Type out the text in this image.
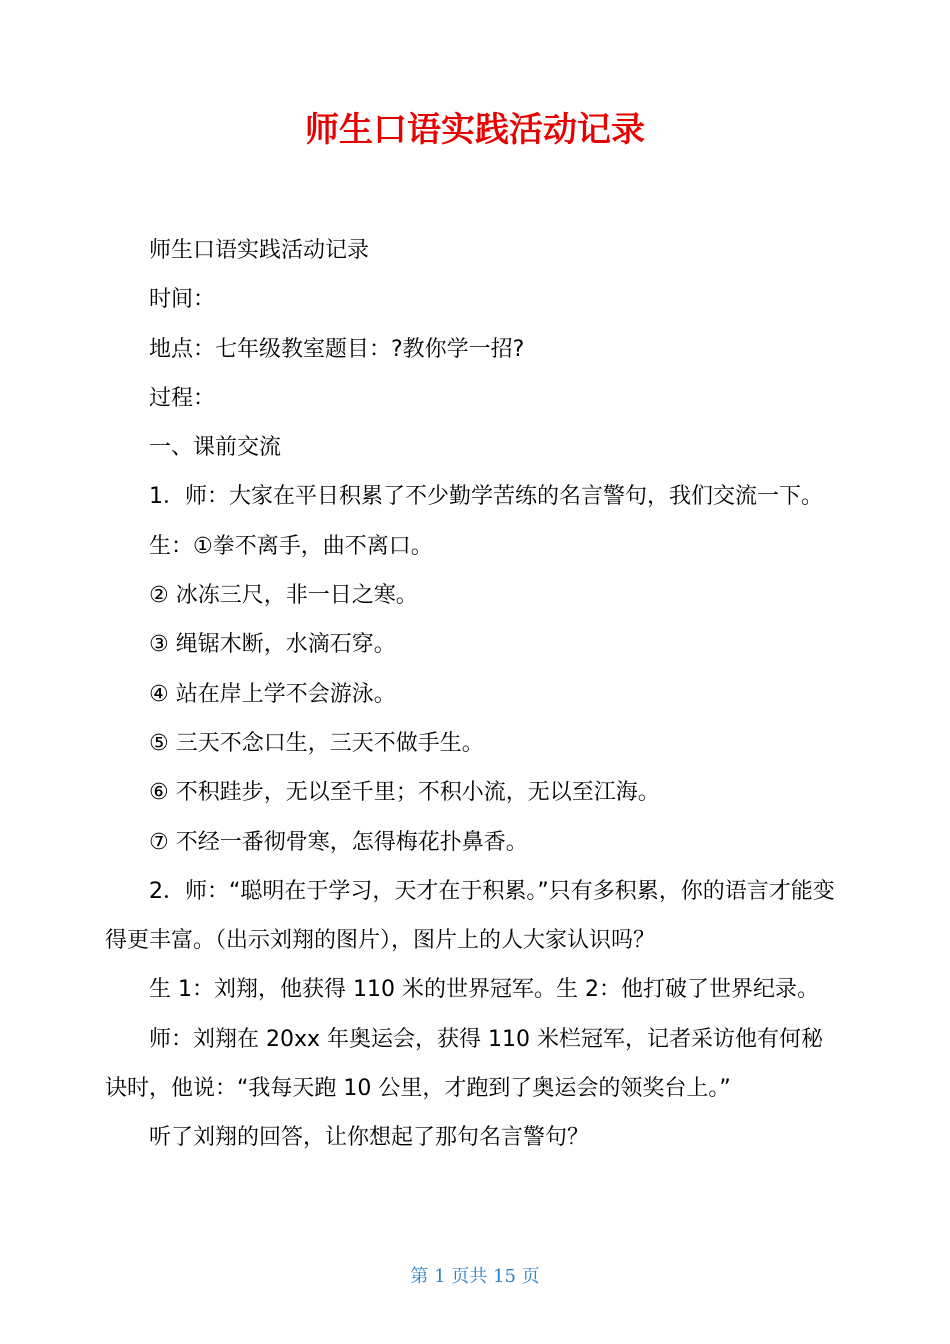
师生口语实践活动记录

师生口语实践活动记录

时间：

地点：七年级教室题目：?教你学一招?

过程：

一、课前交流

1．师：大家在平日积累了不少勤学苦练的名言警句，我们交流一下。

生：①拳不离手，曲不离口。

② 冰冻三尺，非一日之寒。

③ 绳锯木断，水滴石穿。

④ 站在岸上学不会游泳。

⑤ 三天不念口生，三天不做手生。

⑥ 不积跬步，无以至千里；不积小流，无以至江海。

⑦ 不经一番彻骨寒，怎得梅花扑鼻香。

2．师：“聪明在于学习，天才在于积累。”只有多积累，你的语言才能变得更丰富。（出示刘翔的图片），图片上的人大家认识吗？

生 1：刘翔，他获得 110 米的世界冠军。生 2：他打破了世界纪录。

师：刘翔在 20xx 年奥运会，获得 110 米栏冠军，记者采访他有何秘诀时，他说：“我每天跑 10 公里，才跑到了奥运会的领奖台上。”

听了刘翔的回答，让你想起了那句名言警句？

第 1 页共 15 页
